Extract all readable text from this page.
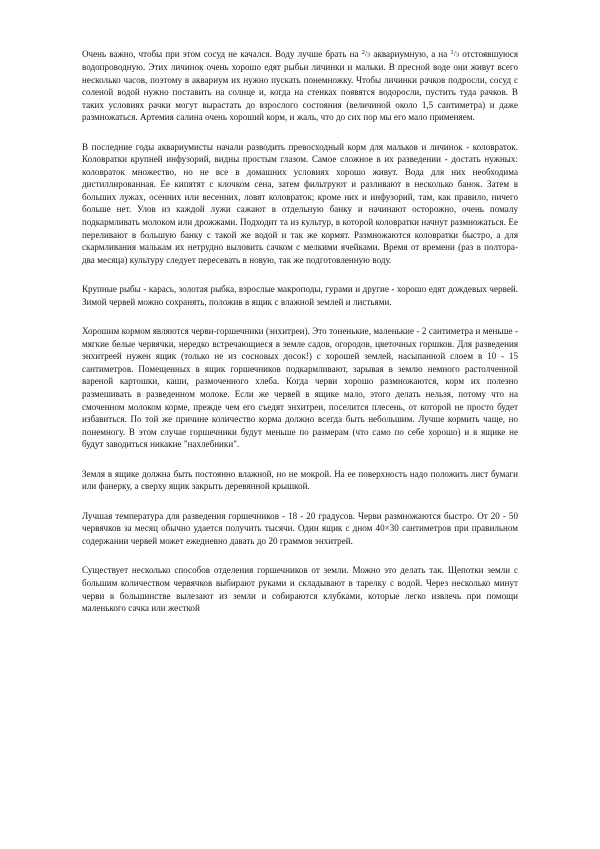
Очень важно, чтобы при этом сосуд не качался. Воду лучше брать на $^2/_3$ аквариумную, а на $^1/_3$ отстоявшуюся водопроводную. Этих личинок очень хорошо едят рыбьи личинки и мальки. В пресной воде они живут всего несколько часов, поэтому в аквариум их нужно пускать понемножку. Чтобы личинки рачков подросли, сосуд с соленой водой нужно поставить на солнце и, когда на стенках появятся водоросли, пустить туда рачков. В таких условиях рачки могут вырастать до взрослого состояния (величиной около 1,5 сантиметра) и даже размножаться. Артемия салина очень хороший корм, и жаль, что до сих пор мы его мало применяем.

В последние годы аквариумисты начали разводить превосходный корм для мальков и личинок - коловраток. Коловратки крупней инфузорий, видны простым глазом. Самое сложное в их разведении - достать нужных: коловраток множество, но не все в домашних условиях хорошо живут. Вода для них необходима дистиллированная. Ее кипятят с клочком сена, затем фильтруют и разливают в несколько банок. Затем в больших лужах, осенних или весенних, ловят коловраток; кроме них и инфузорий, там, как правило, ничего больше нет. Улов из каждой лужи сажают в отдельную банку и начинают осторожно, очень помалу подкармливать молоком или дрожжами. Подходит та из культур, в которой коловратки начнут размножаться. Ее переливают в большую банку с такой же водой и так же кормят. Размножаются коловратки быстро, а для скармливания малькам их нетрудно выловить сачком с мелкими ячейками. Время от времени (раз в полтора-два месяца) культуру следует пересевать в новую, так же подготовленную воду.

Крупные рыбы - карась, золотая рыбка, взрослые макроподы, гурами и другие - хорошо едят дождевых червей. Зимой червей можно сохранять, положив в ящик с влажной землей и листьями.

Хорошим кормом являются черви-горшечники (энхитреи). Это тоненькие, маленькие - 2 сантиметра и меньше - мягкие белые червячки, нередко встречающиеся в земле садов, огородов, цветочных горшков. Для разведения энхитреей нужен ящик (только не из сосновых досок!) с хорошей землей, насыпанной слоем в 10 - 15 сантиметров. Помещенных в ящик горшечников подкармливают, зарывая в землю немного растолченной вареной картошки, каши, размоченного хлеба. Когда черви хорошо размножаются, корм их полезно размешивать в разведенном молоке. Если же червей в ящике мало, этого делать нельзя, потому что на смоченном молоком корме, прежде чем его съедят энхитреи, поселится плесень, от которой не просто будет избавиться. По той же причине количество корма должно всегда быть небольшим. Лучше кормить чаще, но понемногу. В этом случае горшечники будут меньше по размерам (что само по себе хорошо) и в ящике не будут заводиться никакие "нахлебники".

Земля в ящике должна быть постоянно влажной, но не мокрой. На ее поверхность надо положить лист бумаги или фанерку, а сверху ящик закрыть деревянной крышкой.

Лучшая температура для разведения горшечников - 18 - 20 градусов. Черви размножаются быстро. От 20 - 50 червячков за месяц обычно удается получить тысячи. Один ящик с дном 40×30 сантиметров при правильном содержании червей может ежедневно давать до 20 граммов энхитрей.

Существует несколько способов отделения горшечников от земли. Можно это делать так. Щепотки земли с большим количеством червячков выбирают руками и складывают в тарелку с водой. Через несколько минут черви в большинстве вылезают из земли и собираются клубками, которые легко извлечь при помощи маленького сачка или жесткой
